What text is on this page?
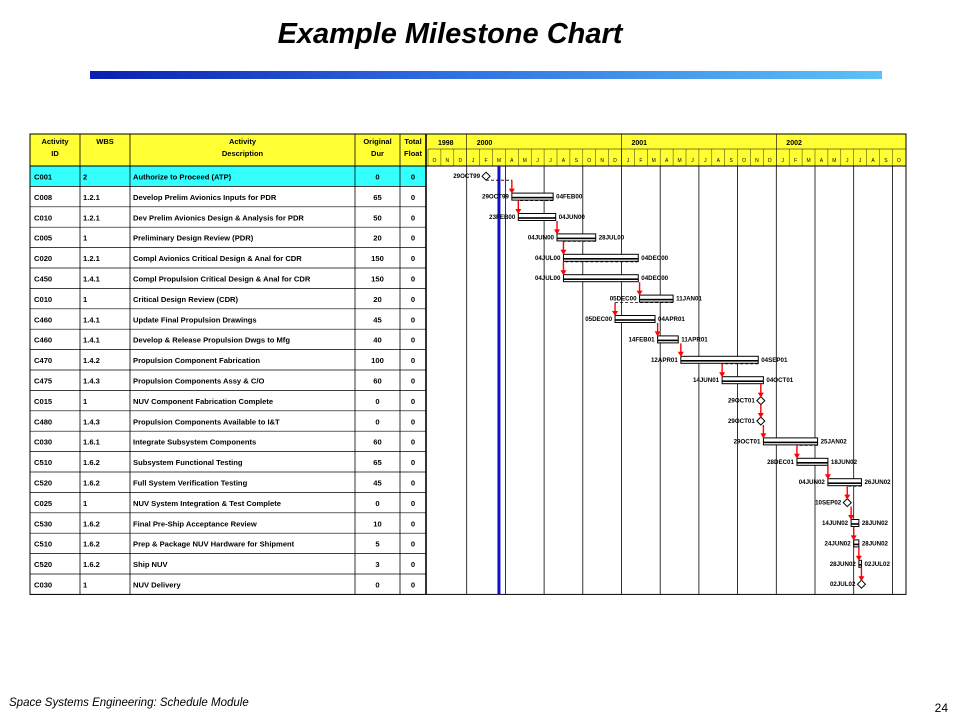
Example Milestone Chart
Activity
ID
WBS	Activity
Description
Original
Dur
Total
Float
1998	2000	2001	2002
O N D J F M A M J J A S O N D J F M A M J J A S O N D J F M A M J J A S O
C001	2	Authorize to Proceed (ATP)	0	0	29OCT99
C008	1.2.1	Develop Prelim Avionics Inputs for PDR	65	0	29OCT99	04FEB00
C010	1.2.1	Dev Prelim Avionics Design & Analysis for PDR	50	0	23FEB00	04JUN00
C005	1	Preliminary Design Review (PDR)	20	0	04JUN00	28JUL00
C020	1.2.1	Compl Avionics Critical Design & Anal for CDR	150	0	04JUL00	04DEC00
C450	1.4.1	Compl Propulsion Critical Design & Anal for CDR	150	0	04JUL00	04DEC00
C010	1	Critical Design Review (CDR)	20	0	05DEC00	11JAN01
C460	1.4.1	Update Final Propulsion Drawings	45	0	05DEC00	04APR01
C460	1.4.1	Develop & Release Propulsion Dwgs to Mfg	40	0	14FEB01	11APR01
C470	1.4.2	Propulsion Component Fabrication	100	0	12APR01	04SEP01
C475	1.4.3	Propulsion Components Assy & C/O	60	0	14JUN01	04OCT01
C015	1	NUV Component Fabrication Complete	0	0	29OCT01
C480	1.4.3	Propulsion Components Available to I&T	0	0	29OCT01
C030	1.6.1	Integrate Subsystem Components	60	0	29OCT01	25JAN02
C510	1.6.2	Subsystem Functional Testing	65	0	28DEC01	18JUN02
C520	1.6.2	Full System Verification Testing	45	0	04JUN02	26JUN02
C025	1	NUV System Integration & Test Complete	0	0	10SEP02
C530	1.6.2	Final Pre-Ship Acceptance Review	10	0	14JUN02 28JUN02
C510	1.6.2	Prep & Package NUV Hardware for Shipment	5	0	24JUN02 28JUN02
C520	1.6.2	Ship NUV	3	0	28JUN02 02JUL02
C030	1	NUV Delivery	0	0	02JUL02
Space Systems Engineering: Schedule Module	24
